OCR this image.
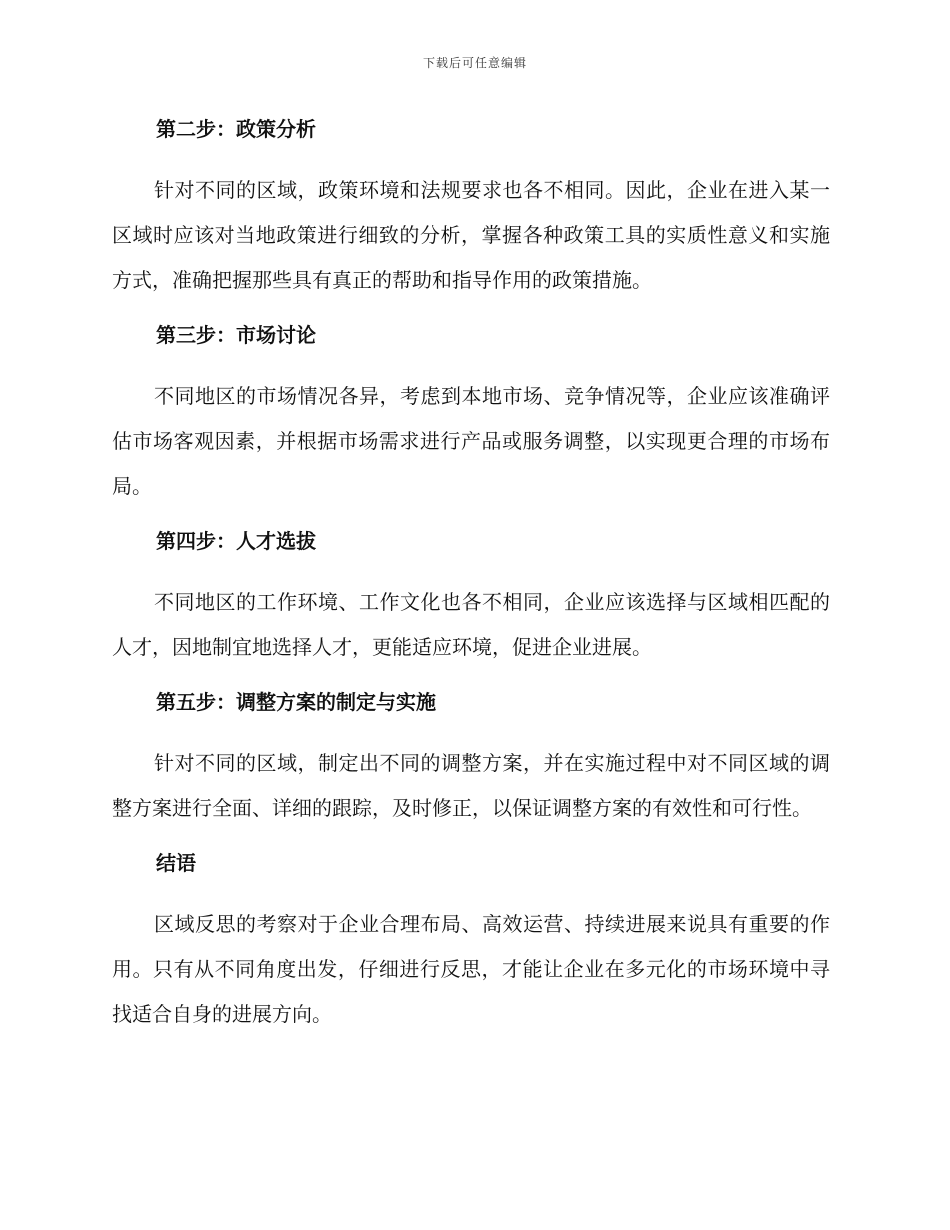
下载后可任意编辑
第二步：政策分析

针对不同的区域，政策环境和法规要求也各不相同。因此，企业在进入某一区域时应该对当地政策进行细致的分析，掌握各种政策工具的实质性意义和实施方式，准确把握那些具有真正的帮助和指导作用的政策措施。

第三步：市场讨论

不同地区的市场情况各异，考虑到本地市场、竞争情况等，企业应该准确评估市场客观因素，并根据市场需求进行产品或服务调整，以实现更合理的市场布局。

第四步：人才选拔

不同地区的工作环境、工作文化也各不相同，企业应该选择与区域相匹配的人才，因地制宜地选择人才，更能适应环境，促进企业进展。

第五步：调整方案的制定与实施

针对不同的区域，制定出不同的调整方案，并在实施过程中对不同区域的调整方案进行全面、详细的跟踪，及时修正，以保证调整方案的有效性和可行性。

结语

区域反思的考察对于企业合理布局、高效运营、持续进展来说具有重要的作用。只有从不同角度出发，仔细进行反思，才能让企业在多元化的市场环境中寻找适合自身的进展方向。
